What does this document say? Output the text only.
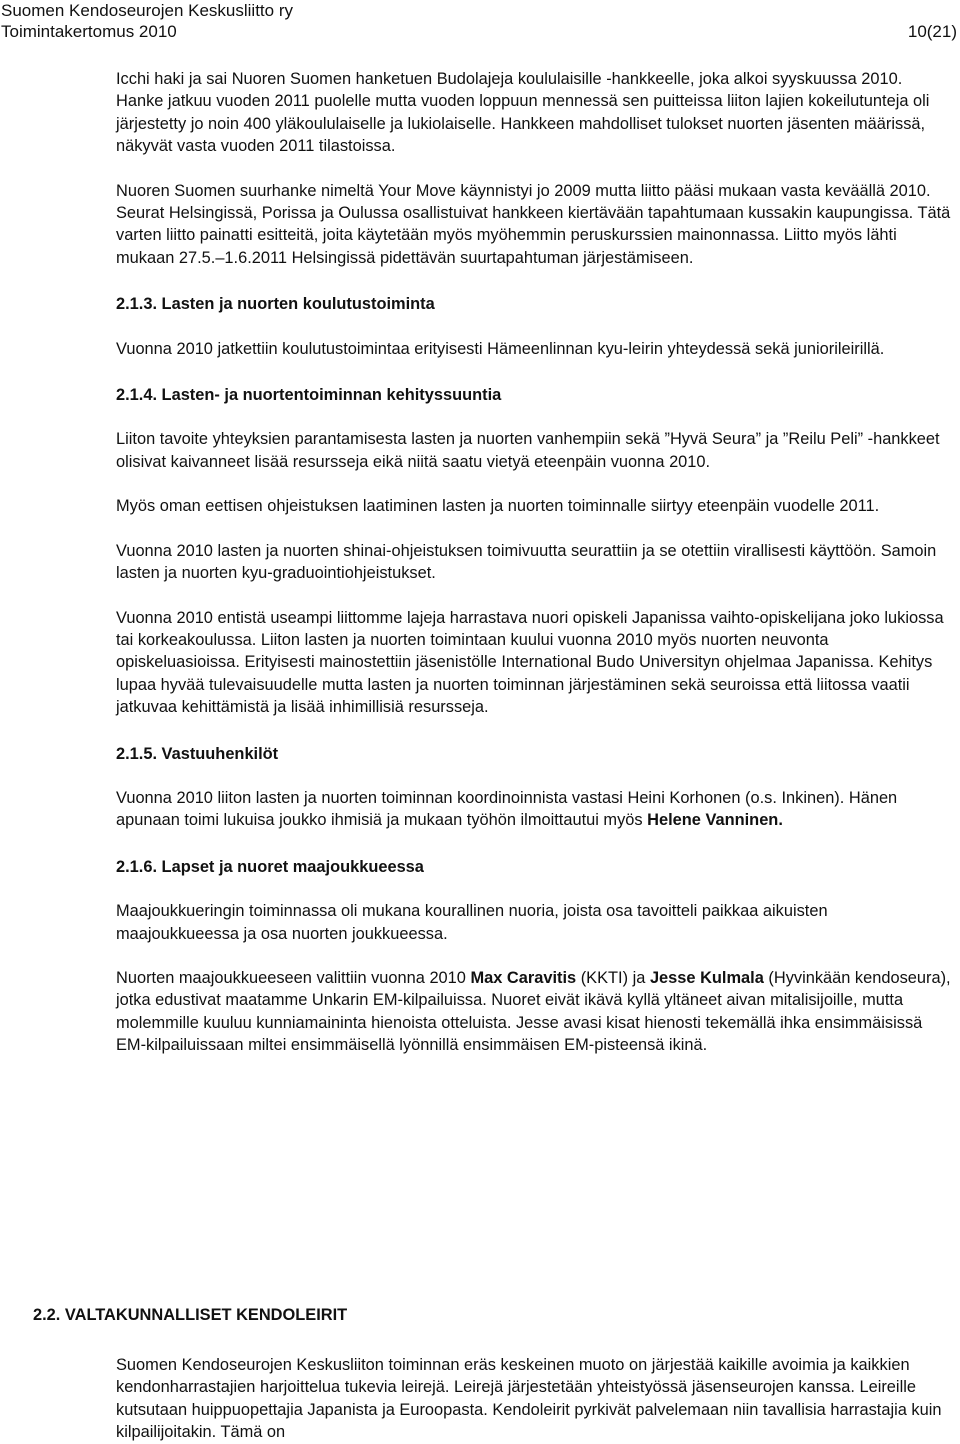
Suomen Kendoseurojen Keskusliitto ry
Toimintakertomus 2010	10(21)

Icchi haki ja sai Nuoren Suomen hanketuen Budolajeja koululaisille -hankkeelle, joka alkoi syyskuussa 2010. Hanke jatkuu vuoden 2011 puolelle mutta vuoden loppuun mennessä sen puitteissa liiton lajien kokeilutunteja oli järjestetty jo noin 400 yläkoululaiselle ja lukiolaiselle. Hankkeen mahdolliset tulokset nuorten jäsenten määrissä, näkyvät vasta vuoden 2011 tilastoissa.

Nuoren Suomen suurhanke nimeltä Your Move käynnistyi jo 2009 mutta liitto pääsi mukaan vasta keväällä 2010. Seurat Helsingissä, Porissa ja Oulussa osallistuivat hankkeen kiertävään tapahtumaan kussakin kaupungissa. Tätä varten liitto painatti esitteitä, joita käytetään myös myöhemmin peruskurssien mainonnassa. Liitto myös lähti mukaan 27.5.–1.6.2011 Helsingissä pidettävän suurtapahtuman järjestämiseen.

2.1.3. Lasten ja nuorten koulutustoiminta

Vuonna 2010 jatkettiin koulutustoimintaa erityisesti Hämeenlinnan kyu-leirin yhteydessä sekä juniorileirillä.

2.1.4. Lasten- ja nuortentoiminnan kehityssuuntia

Liiton tavoite yhteyksien parantamisesta lasten ja nuorten vanhempiin sekä ”Hyvä Seura” ja ”Reilu Peli” -hankkeet olisivat kaivanneet lisää resursseja eikä niitä saatu vietyä eteenpäin vuonna 2010.

Myös oman eettisen ohjeistuksen laatiminen lasten ja nuorten toiminnalle siirtyy eteenpäin vuodelle 2011.

Vuonna 2010 lasten ja nuorten shinai-ohjeistuksen toimivuutta seurattiin ja se otettiin virallisesti käyttöön. Samoin lasten ja nuorten kyu-graduointiohjeistukset.

Vuonna 2010 entistä useampi liittomme lajeja harrastava nuori opiskeli Japanissa vaihto-opiskelijana joko lukiossa tai korkeakoulussa. Liiton lasten ja nuorten toimintaan kuului vuonna 2010 myös nuorten neuvonta opiskeluasioissa. Erityisesti mainostettiin jäsenistölle International Budo Universityn ohjelmaa Japanissa. Kehitys lupaa hyvää tulevaisuudelle mutta lasten ja nuorten toiminnan järjestäminen sekä seuroissa että liitossa vaatii jatkuvaa kehittämistä ja lisää inhimillisiä resursseja.

2.1.5. Vastuuhenkilöt

Vuonna 2010 liiton lasten ja nuorten toiminnan koordinoinnista vastasi Heini Korhonen (o.s. Inkinen). Hänen apunaan toimi lukuisa joukko ihmisiä ja mukaan työhön ilmoittautui myös Helene Vanninen.

2.1.6. Lapset ja nuoret maajoukkueessa

Maajoukkueringin toiminnassa oli mukana kourallinen nuoria, joista osa tavoitteli paikkaa aikuisten maajoukkueessa ja osa nuorten joukkueessa.

Nuorten maajoukkueeseen valittiin vuonna 2010 Max Caravitis (KKTI) ja Jesse Kulmala (Hyvinkään kendoseura), jotka edustivat maatamme Unkarin EM-kilpailuissa. Nuoret eivät ikävä kyllä yltäneet aivan mitalisijoille, mutta molemmille kuuluu kunniamaininta hienoista otteluista. Jesse avasi kisat hienosti tekemällä ihka ensimmäisissä EM-kilpailuissaan miltei ensimmäisellä lyönnillä ensimmäisen EM-pisteensä ikinä.

2.2. VALTAKUNNALLISET KENDOLEIRIT

Suomen Kendoseurojen Keskusliiton toiminnan eräs keskeinen muoto on järjestää kaikille avoimia ja kaikkien kendonharrastajien harjoittelua tukevia leirejä. Leirejä järjestetään yhteistyössä jäsenseurojen kanssa. Leireille kutsutaan huippuopettajia Japanista ja Euroopasta. Kendoleirit pyrkivät palvelemaan niin tavallisia harrastajia kuin kilpailijoitakin. Tämä on
